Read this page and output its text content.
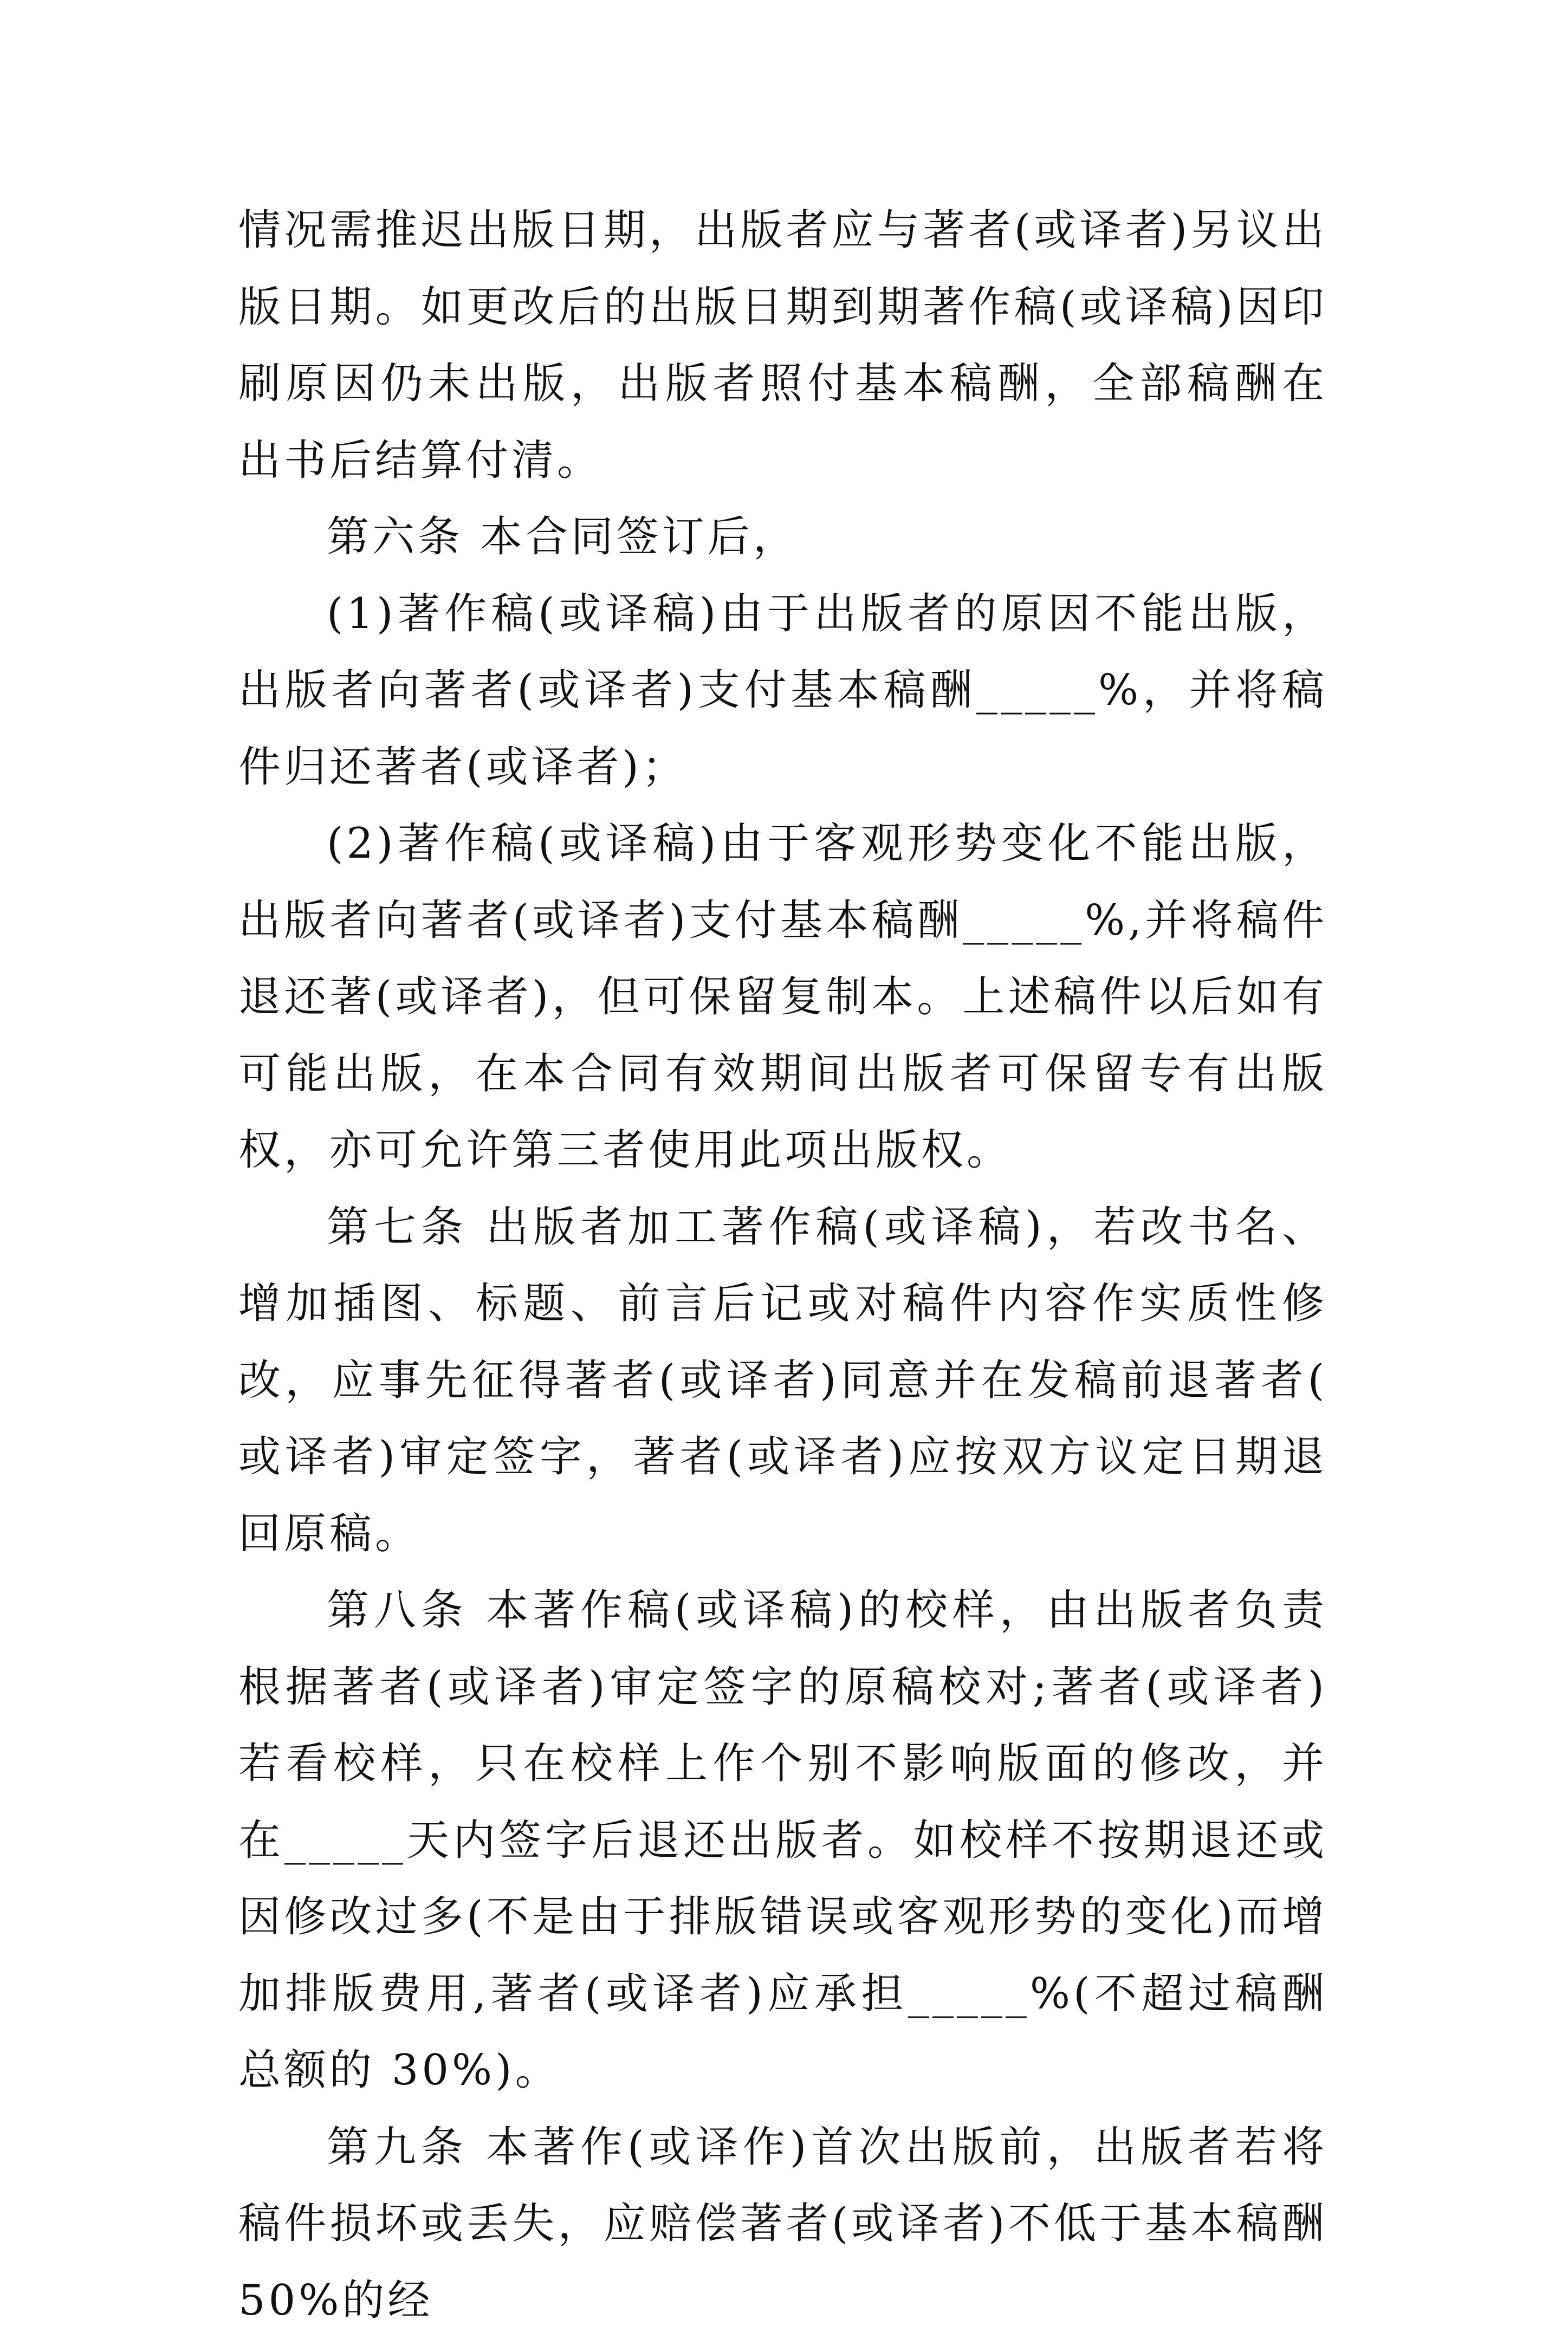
情况需推迟出版日期，出版者应与著者(或译者)另议出版日期。如更改后的出版日期到期著作稿(或译稿)因印刷原因仍未出版，出版者照付基本稿酬，全部稿酬在出书后结算付清。

第六条 本合同签订后，

(1)著作稿(或译稿)由于出版者的原因不能出版，出版者向著者(或译者)支付基本稿酬_____%，并将稿件归还著者(或译者)；

(2)著作稿(或译稿)由于客观形势变化不能出版，出版者向著者(或译者)支付基本稿酬_____%,并将稿件退还著(或译者)，但可保留复制本。上述稿件以后如有可能出版，在本合同有效期间出版者可保留专有出版权，亦可允许第三者使用此项出版权。

第七条 出版者加工著作稿(或译稿)，若改书名、增加插图、标题、前言后记或对稿件内容作实质性修改，应事先征得著者(或译者)同意并在发稿前退著者(或译者)审定签字，著者(或译者)应按双方议定日期退回原稿。

第八条 本著作稿(或译稿)的校样，由出版者负责根据著者(或译者)审定签字的原稿校对;著者(或译者)若看校样，只在校样上作个别不影响版面的修改，并在_____天内签字后退还出版者。如校样不按期退还或因修改过多(不是由于排版错误或客观形势的变化)而增加排版费用,著者(或译者)应承担_____%(不超过稿酬总额的 30%)。

第九条 本著作(或译作)首次出版前，出版者若将稿件损坏或丢失，应赔偿著者(或译者)不低于基本稿酬 50%的经
